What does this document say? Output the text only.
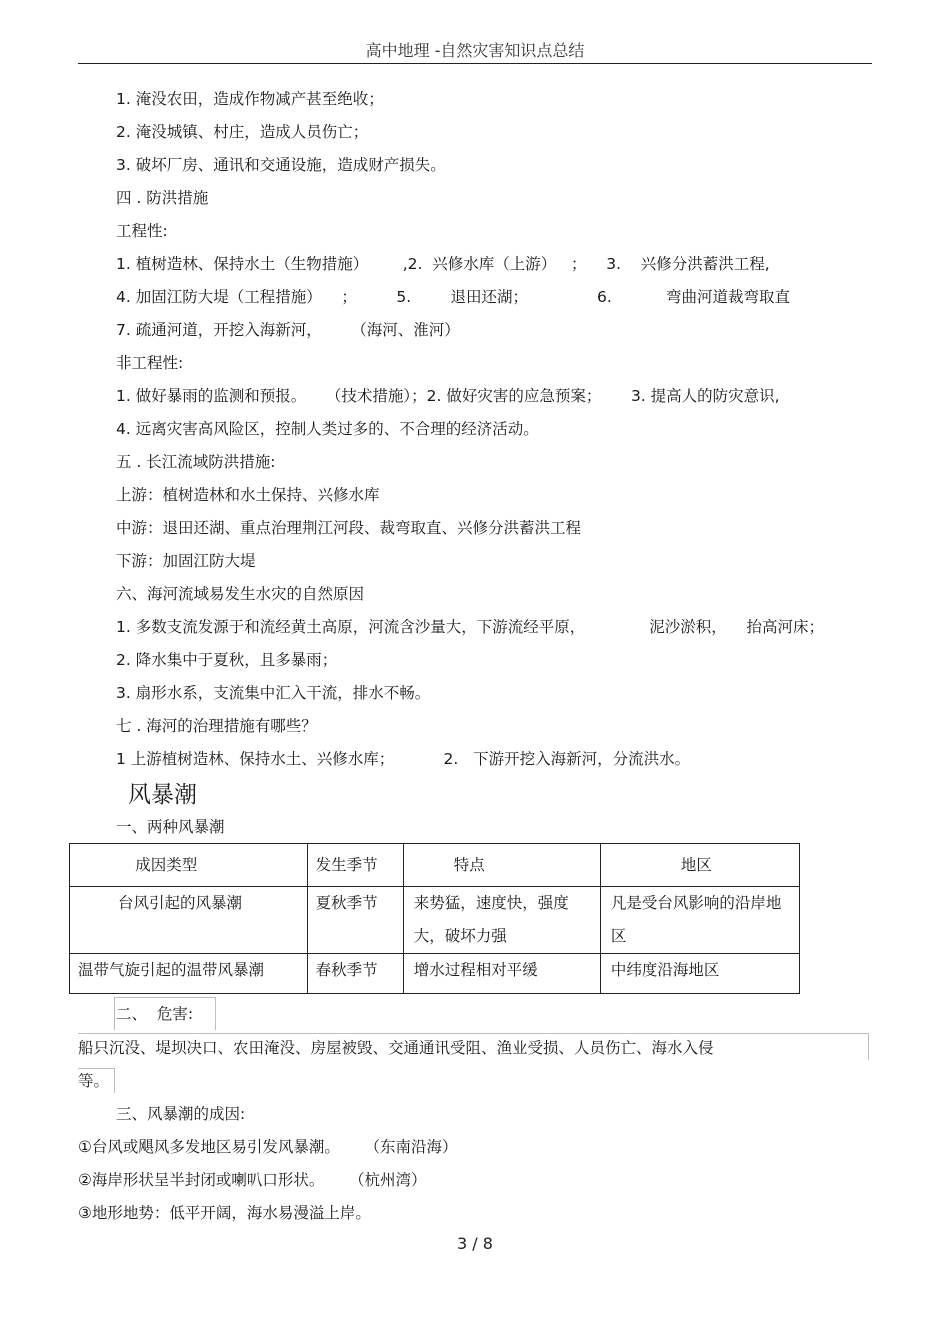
高中地理 -自然灾害知识点总结
1. 淹没农田，造成作物减产甚至绝收；
2. 淹没城镇、村庄，造成人员伤亡；
3. 破坏厂房、通讯和交通设施，造成财产损失。
四 . 防洪措施
工程性:
1. 植树造林、保持水土（生物措施）       ,2.  兴修水库（上游）   ；    3.    兴修分洪蓄洪工程,
4. 加固江防大堤（工程措施）    ；        5.        退田还湖；              6.           弯曲河道裁弯取直
7. 疏通河道，开挖入海新河，      （海河、淮河）
非工程性:
1. 做好暴雨的监测和预报。    （技术措施）；2. 做好灾害的应急预案；      3. 提高人的防灾意识,
4. 远离灾害高风险区，控制人类过多的、不合理的经济活动。
五 . 长江流域防洪措施:
上游：植树造林和水土保持、兴修水库
中游：退田还湖、重点治理荆江河段、裁弯取直、兴修分洪蓄洪工程
下游：加固江防大堤
六、海河流域易发生水灾的自然原因
1. 多数支流发源于和流经黄土高原，河流含沙量大，下游流经平原，             泥沙淤积，    抬高河床；
2. 降水集中于夏秋，且多暴雨；
3. 扇形水系，支流集中汇入干流，排水不畅。
七 . 海河的治理措施有哪些？
1 上游植树造林、保持水土、兴修水库；          2.   下游开挖入海新河，分流洪水。
风暴潮
一、两种风暴潮
成因类型	发生季节	特点	地区
台风引起的风暴潮	夏秋季节	来势猛，速度快，强度大，破坏力强	凡是受台风影响的沿岸地区
温带气旋引起的温带风暴潮	春秋季节	增水过程相对平缓	中纬度沿海地区
二、  危害:
船只沉没、堤坝决口、农田淹没、房屋被毁、交通通讯受阻、渔业受损、人员伤亡、海水入侵
等。
三、风暴潮的成因:
①台风或飓风多发地区易引发风暴潮。     （东南沿海）
②海岸形状呈半封闭或喇叭口形状。     （杭州湾）
③地形地势：低平开阔，海水易漫溢上岸。
3 / 8
